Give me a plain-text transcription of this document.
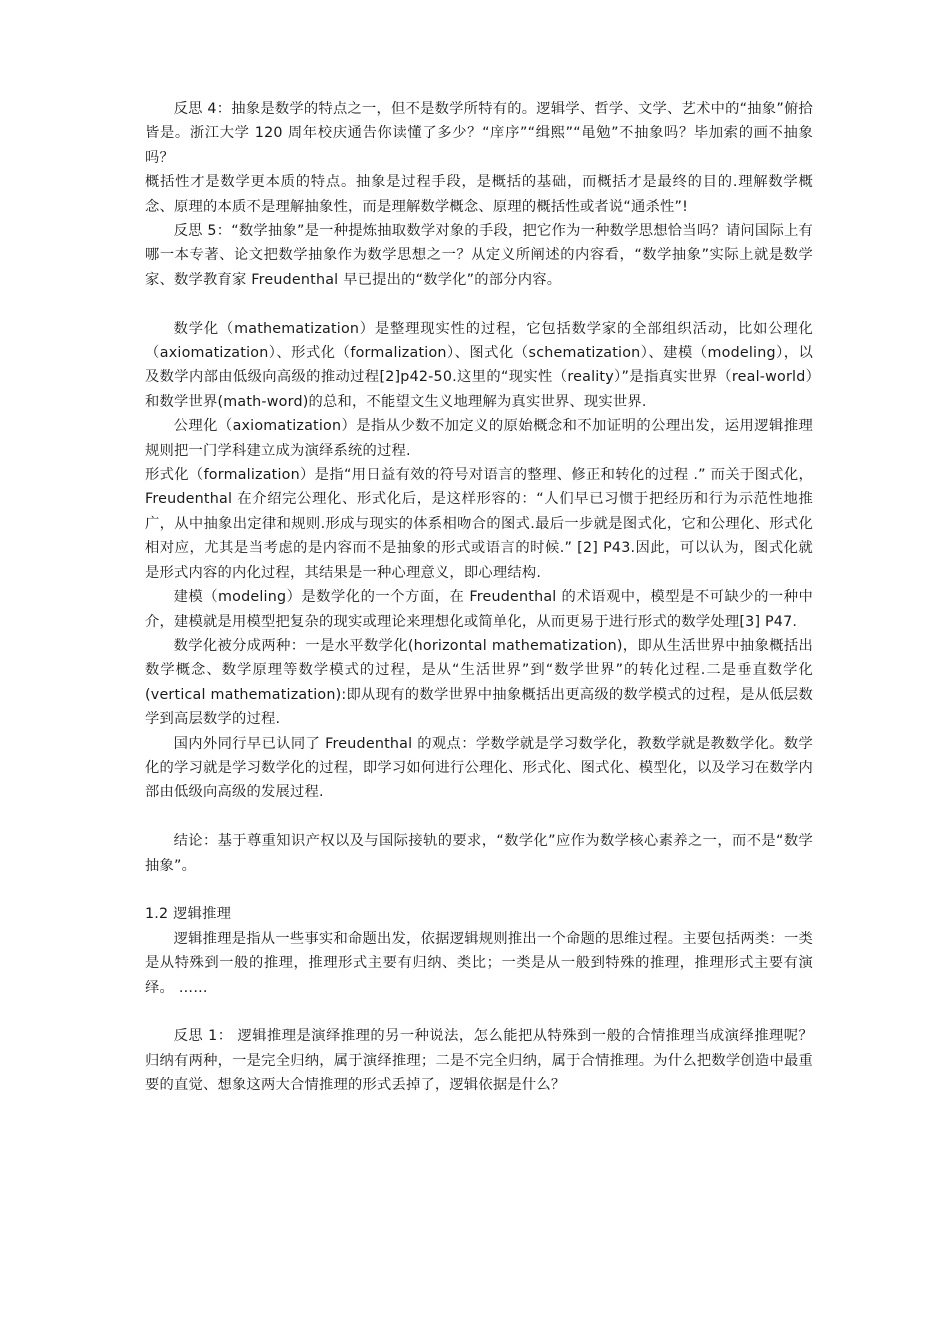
反思 4：抽象是数学的特点之一，但不是数学所特有的。逻辑学、哲学、文学、艺术中的“抽象”俯拾皆是。浙江大学 120 周年校庆通告你读懂了多少？“庠序”“缉熙”“黾勉”不抽象吗？毕加索的画不抽象吗？

概括性才是数学更本质的特点。抽象是过程手段，是概括的基础，而概括才是最终的目的.理解数学概念、原理的本质不是理解抽象性，而是理解数学概念、原理的概括性或者说“通杀性”!

反思 5：“数学抽象”是一种提炼抽取数学对象的手段，把它作为一种数学思想恰当吗？请问国际上有哪一本专著、论文把数学抽象作为数学思想之一？从定义所阐述的内容看，“数学抽象”实际上就是数学家、数学教育家 Freudenthal 早已提出的“数学化”的部分内容。

数学化（mathematization）是整理现实性的过程，它包括数学家的全部组织活动，比如公理化（axiomatization）、形式化（formalization）、图式化（schematization）、建模（modeling），以及数学内部由低级向高级的推动过程[2]p42-50.这里的“现实性（reality）”是指真实世界（real-world）和数学世界(math-word)的总和，不能望文生义地理解为真实世界、现实世界.

公理化（axiomatization）是指从少数不加定义的原始概念和不加证明的公理出发，运用逻辑推理规则把一门学科建立成为演绎系统的过程.

形式化（formalization）是指“用日益有效的符号对语言的整理、修正和转化的过程 .” 而关于图式化，Freudenthal 在介绍完公理化、形式化后，是这样形容的：“人们早已习惯于把经历和行为示范性地推广，从中抽象出定律和规则.形成与现实的体系相吻合的图式.最后一步就是图式化，它和公理化、形式化相对应，尤其是当考虑的是内容而不是抽象的形式或语言的时候.” [2] P43.因此，可以认为，图式化就是形式内容的内化过程，其结果是一种心理意义，即心理结构.

建模（modeling）是数学化的一个方面，在 Freudenthal 的术语观中，模型是不可缺少的一种中介，建模就是用模型把复杂的现实或理论来理想化或简单化，从而更易于进行形式的数学处理[3] P47.

数学化被分成两种：一是水平数学化(horizontal mathematization)，即从生活世界中抽象概括出数学概念、数学原理等数学模式的过程，是从“生活世界”到“数学世界”的转化过程.二是垂直数学化(vertical mathematization):即从现有的数学世界中抽象概括出更高级的数学模式的过程，是从低层数学到高层数学的过程.

国内外同行早已认同了 Freudenthal 的观点：学数学就是学习数学化，教数学就是教数学化。数学化的学习就是学习数学化的过程，即学习如何进行公理化、形式化、图式化、模型化，以及学习在数学内部由低级向高级的发展过程.

结论：基于尊重知识产权以及与国际接轨的要求，“数学化”应作为数学核心素养之一，而不是“数学抽象”。

1.2 逻辑推理

逻辑推理是指从一些事实和命题出发，依据逻辑规则推出一个命题的思维过程。主要包括两类：一类是从特殊到一般的推理，推理形式主要有归纳、类比；一类是从一般到特殊的推理，推理形式主要有演绎。 ……

反思 1： 逻辑推理是演绎推理的另一种说法，怎么能把从特殊到一般的合情推理当成演绎推理呢？归纳有两种，一是完全归纳，属于演绎推理；二是不完全归纳，属于合情推理。为什么把数学创造中最重要的直觉、想象这两大合情推理的形式丢掉了，逻辑依据是什么？
